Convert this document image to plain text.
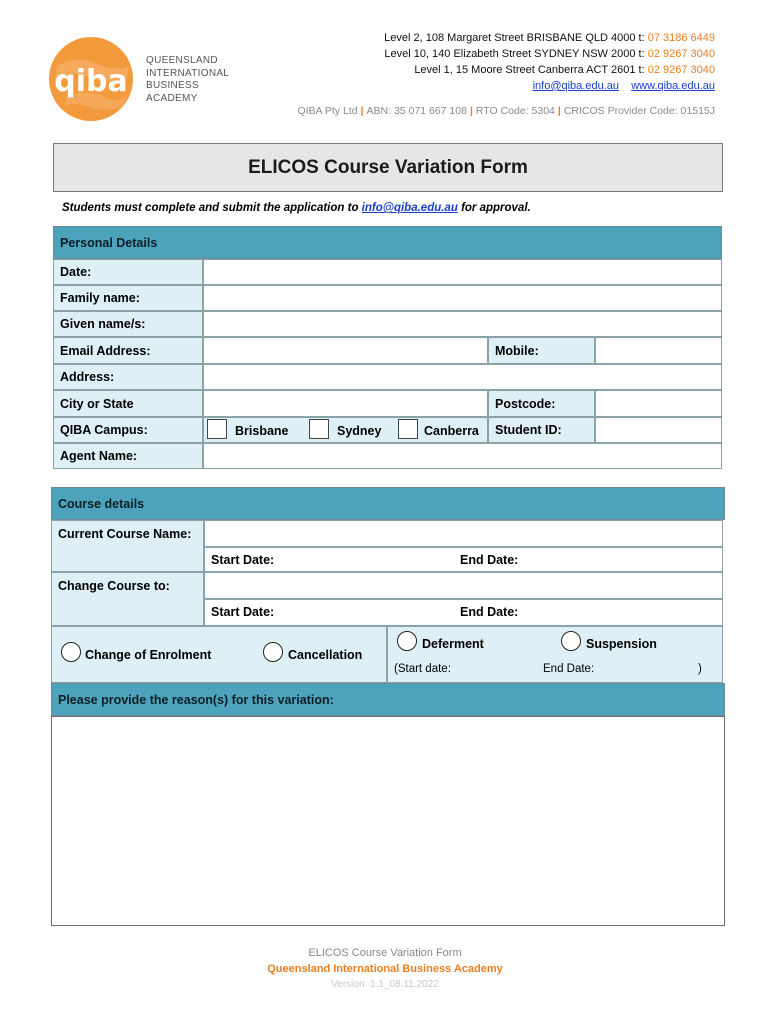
qiba
QUEENSLAND
INTERNATIONAL
BUSINESS
ACADEMY
Level 2, 108 Margaret Street BRISBANE QLD 4000 t: 07 3186 6449
Level 10, 140 Elizabeth Street SYDNEY NSW 2000 t: 02 9267 3040
Level 1, 15 Moore Street Canberra ACT 2601 t: 02 9267 3040
info@qiba.edu.au www.qiba.edu.au
QIBA Pty Ltd | ABN: 35 071 667 108 | RTO Code: 5304 | CRICOS Provider Code: 01515J
ELICOS Course Variation Form
Students must complete and submit the application to info@qiba.edu.au for approval.
Personal Details
Date:
Family name:
Given name/s:
Email Address:	Mobile:
Address:
City or State	Postcode:
QIBA Campus:	Brisbane	Sydney	Canberra	Student ID:
Agent Name:
Course details
Current Course Name:
Start Date:	End Date:
Change Course to:
Start Date:	End Date:
Change of Enrolment	Cancellation
Deferment	Suspension
(Start date:	End Date:	)
Please provide the reason(s) for this variation:
ELICOS Course Variation Form
Queensland International Business Academy
Version: 1.1_08.11.2022
